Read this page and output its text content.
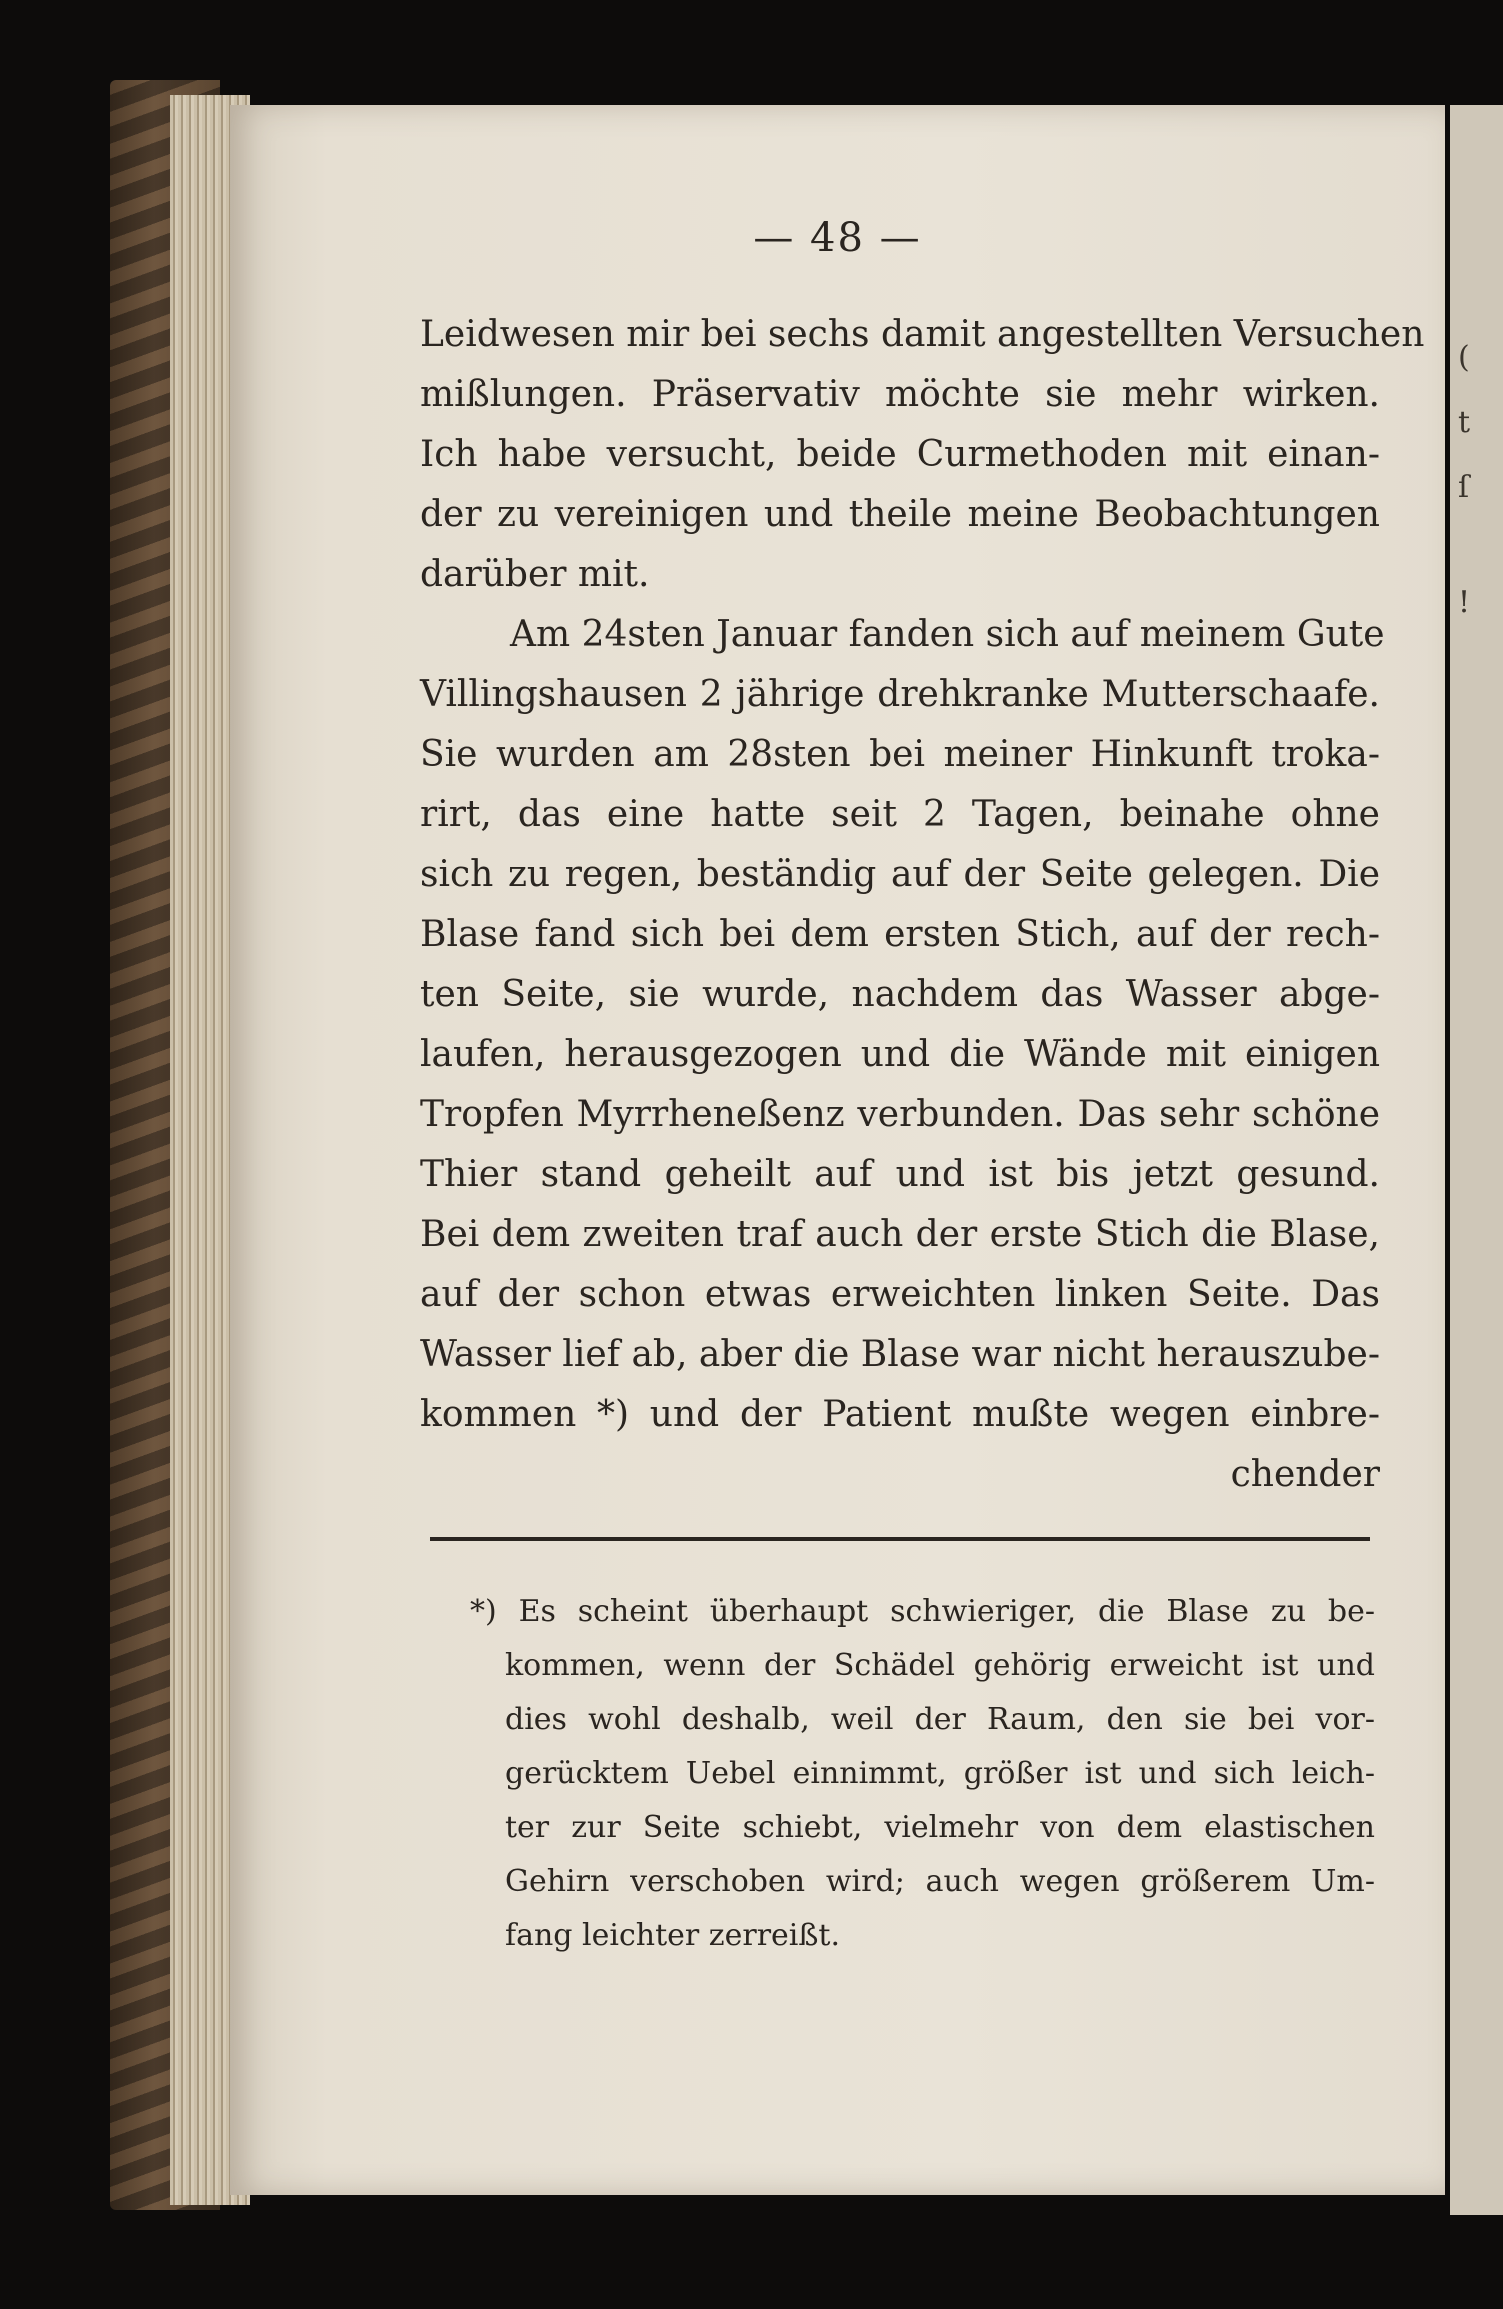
— 48 —
Leidwesen mir bei sechs damit angestellten Versuchen
mißlungen. Präservativ möchte sie mehr wirken.
Ich habe versucht, beide Curmethoden mit einan-
der zu vereinigen und theile meine Beobachtungen
darüber mit.
Am 24sten Januar fanden sich auf meinem Gute
Villingshausen 2 jährige drehkranke Mutterschaafe.
Sie wurden am 28sten bei meiner Hinkunft troka-
rirt, das eine hatte seit 2 Tagen, beinahe ohne
sich zu regen, beständig auf der Seite gelegen. Die
Blase fand sich bei dem ersten Stich, auf der rech-
ten Seite, sie wurde, nachdem das Wasser abge-
laufen, herausgezogen und die Wände mit einigen
Tropfen Myrrheneßenz verbunden. Das sehr schöne
Thier stand geheilt auf und ist bis jetzt gesund.
Bei dem zweiten traf auch der erste Stich die Blase,
auf der schon etwas erweichten linken Seite. Das
Wasser lief ab, aber die Blase war nicht herauszube-
kommen *) und der Patient mußte wegen einbre-
chender
*) Es scheint überhaupt schwieriger, die Blase zu be-
kommen, wenn der Schädel gehörig erweicht ist und
dies wohl deshalb, weil der Raum, den sie bei vor-
gerücktem Uebel einnimmt, größer ist und sich leich-
ter zur Seite schiebt, vielmehr von dem elastischen
Gehirn verschoben wird; auch wegen größerem Um-
fang leichter zerreißt.
(
t
ſ
!
